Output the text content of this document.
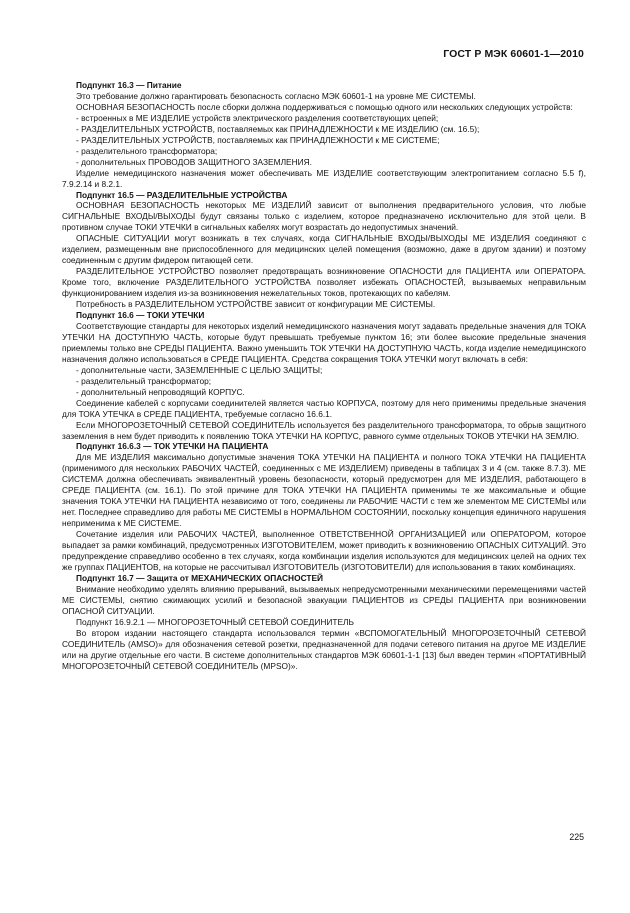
ГОСТ Р МЭК 60601-1—2010

Подпункт 16.3 — Питание

Это требование должно гарантировать безопасность согласно МЭК 60601-1 на уровне МЕ СИСТЕМЫ.

ОСНОВНАЯ БЕЗОПАСНОСТЬ после сборки должна поддерживаться с помощью одного или нескольких следующих устройств:

- встроенных в МЕ ИЗДЕЛИЕ устройств электрического разделения соответствующих цепей;

- РАЗДЕЛИТЕЛЬНЫХ УСТРОЙСТВ, поставляемых как ПРИНАДЛЕЖНОСТИ к МЕ ИЗДЕЛИЮ (см. 16.5);

- РАЗДЕЛИТЕЛЬНЫХ УСТРОЙСТВ, поставляемых как ПРИНАДЛЕЖНОСТИ к МЕ СИСТЕМЕ;

- разделительного трансформатора;

- дополнительных ПРОВОДОВ ЗАЩИТНОГО ЗАЗЕМЛЕНИЯ.

Изделие немедицинского назначения может обеспечивать МЕ ИЗДЕЛИЕ соответствующим электропитанием согласно 5.5 f), 7.9.2.14 и 8.2.1.

Подпункт 16.5 — РАЗДЕЛИТЕЛЬНЫЕ УСТРОЙСТВА

ОСНОВНАЯ БЕЗОПАСНОСТЬ некоторых МЕ ИЗДЕЛИЙ зависит от выполнения предварительного условия, что любые СИГНАЛЬНЫЕ ВХОДЫ/ВЫХОДЫ будут связаны только с изделием, которое предназначено исключительно для этой цели. В противном случае ТОКИ УТЕЧКИ в сигнальных кабелях могут возрастать до недопустимых значений.

ОПАСНЫЕ СИТУАЦИИ могут возникать в тех случаях, когда СИГНАЛЬНЫЕ ВХОДЫ/ВЫХОДЫ МЕ ИЗДЕЛИЯ соединяют с изделием, размещенным вне приспособленного для медицинских целей помещения (возможно, даже в другом здании) и поэтому соединенным с другим фидером питающей сети.

РАЗДЕЛИТЕЛЬНОЕ УСТРОЙСТВО позволяет предотвращать возникновение ОПАСНОСТИ для ПАЦИЕНТА или ОПЕРАТОРА. Кроме того, включение РАЗДЕЛИТЕЛЬНОГО УСТРОЙСТВА позволяет избежать ОПАСНОСТЕЙ, вызываемых неправильным функционированием изделия из-за возникновения нежелательных токов, протекающих по кабелям.

Потребность в РАЗДЕЛИТЕЛЬНОМ УСТРОЙСТВЕ зависит от конфигурации МЕ СИСТЕМЫ.

Подпункт 16.6 — ТОКИ УТЕЧКИ

Соответствующие стандарты для некоторых изделий немедицинского назначения могут задавать предельные значения для ТОКА УТЕЧКИ НА ДОСТУПНУЮ ЧАСТЬ, которые будут превышать требуемые пунктом 16; эти более высокие предельные значения приемлемы только вне СРЕДЫ ПАЦИЕНТА. Важно уменьшить ТОК УТЕЧКИ НА ДОСТУПНУЮ ЧАСТЬ, когда изделие немедицинского назначения должно использоваться в СРЕДЕ ПАЦИЕНТА. Средства сокращения ТОКА УТЕЧКИ могут включать в себя:

- дополнительные части, ЗАЗЕМЛЕННЫЕ С ЦЕЛЬЮ ЗАЩИТЫ;

- разделительный трансформатор;

- дополнительный непроводящий КОРПУС.

Соединение кабелей с корпусами соединителей является частью КОРПУСА, поэтому для него применимы предельные значения для ТОКА УТЕЧКА в СРЕДЕ ПАЦИЕНТА, требуемые согласно 16.6.1.

Если МНОГОРОЗЕТОЧНЫЙ СЕТЕВОЙ СОЕДИНИТЕЛЬ используется без разделительного трансформатора, то обрыв защитного заземления в нем будет приводить к появлению ТОКА УТЕЧКИ НА КОРПУС, равного сумме отдельных ТОКОВ УТЕЧКИ НА ЗЕМЛЮ.

Подпункт 16.6.3 — ТОК УТЕЧКИ НА ПАЦИЕНТА

Для МЕ ИЗДЕЛИЯ максимально допустимые значения ТОКА УТЕЧКИ НА ПАЦИЕНТА и полного ТОКА УТЕЧКИ НА ПАЦИЕНТА (применимого для нескольких РАБОЧИХ ЧАСТЕЙ, соединенных с МЕ ИЗДЕЛИЕМ) приведены в таблицах 3 и 4 (см. также 8.7.3). МЕ СИСТЕМА должна обеспечивать эквивалентный уровень безопасности, который предусмотрен для МЕ ИЗДЕЛИЯ, работающего в СРЕДЕ ПАЦИЕНТА (см. 16.1). По этой причине для ТОКА УТЕЧКИ НА ПАЦИЕНТА применимы те же максимальные и общие значения ТОКА УТЕЧКИ НА ПАЦИЕНТА независимо от того, соединены ли РАБОЧИЕ ЧАСТИ с тем же элементом МЕ СИСТЕМЫ или нет. Последнее справедливо для работы МЕ СИСТЕМЫ в НОРМАЛЬНОМ СОСТОЯНИИ, поскольку концепция единичного нарушения неприменима к МЕ СИСТЕМЕ.

Сочетание изделия или РАБОЧИХ ЧАСТЕЙ, выполненное ОТВЕТСТВЕННОЙ ОРГАНИЗАЦИЕЙ или ОПЕРАТОРОМ, которое выпадает за рамки комбинаций, предусмотренных ИЗГОТОВИТЕЛЕМ, может приводить к возникновению ОПАСНЫХ СИТУАЦИЙ. Это предупреждение справедливо особенно в тех случаях, когда комбинации изделия используются для медицинских целей на одних тех же группах ПАЦИЕНТОВ, на которые не рассчитывал ИЗГОТОВИТЕЛЬ (ИЗГОТОВИТЕЛИ) для использования в таких комбинациях.

Подпункт 16.7 — Защита от МЕХАНИЧЕСКИХ ОПАСНОСТЕЙ

Внимание необходимо уделять влиянию прерываний, вызываемых непредусмотренными механическими перемещениями частей МЕ СИСТЕМЫ, снятию сжимающих усилий и безопасной эвакуации ПАЦИЕНТОВ из СРЕДЫ ПАЦИЕНТА при возникновении ОПАСНОЙ СИТУАЦИИ.

Подпункт 16.9.2.1 — МНОГОРОЗЕТОЧНЫЙ СЕТЕВОЙ СОЕДИНИТЕЛЬ

Во втором издании настоящего стандарта использовался термин «ВСПОМОГАТЕЛЬНЫЙ МНОГОРОЗЕТОЧНЫЙ СЕТЕВОЙ СОЕДИНИТЕЛЬ (AMSO)» для обозначения сетевой розетки, предназначенной для подачи сетевого питания на другое МЕ ИЗДЕЛИЕ или на другие отдельные его части. В системе дополнительных стандартов МЭК 60601-1-1 [13] был введен термин «ПОРТАТИВНЫЙ МНОГОРОЗЕТОЧНЫЙ СЕТЕВОЙ СОЕДИНИТЕЛЬ (MPSO)».

225
